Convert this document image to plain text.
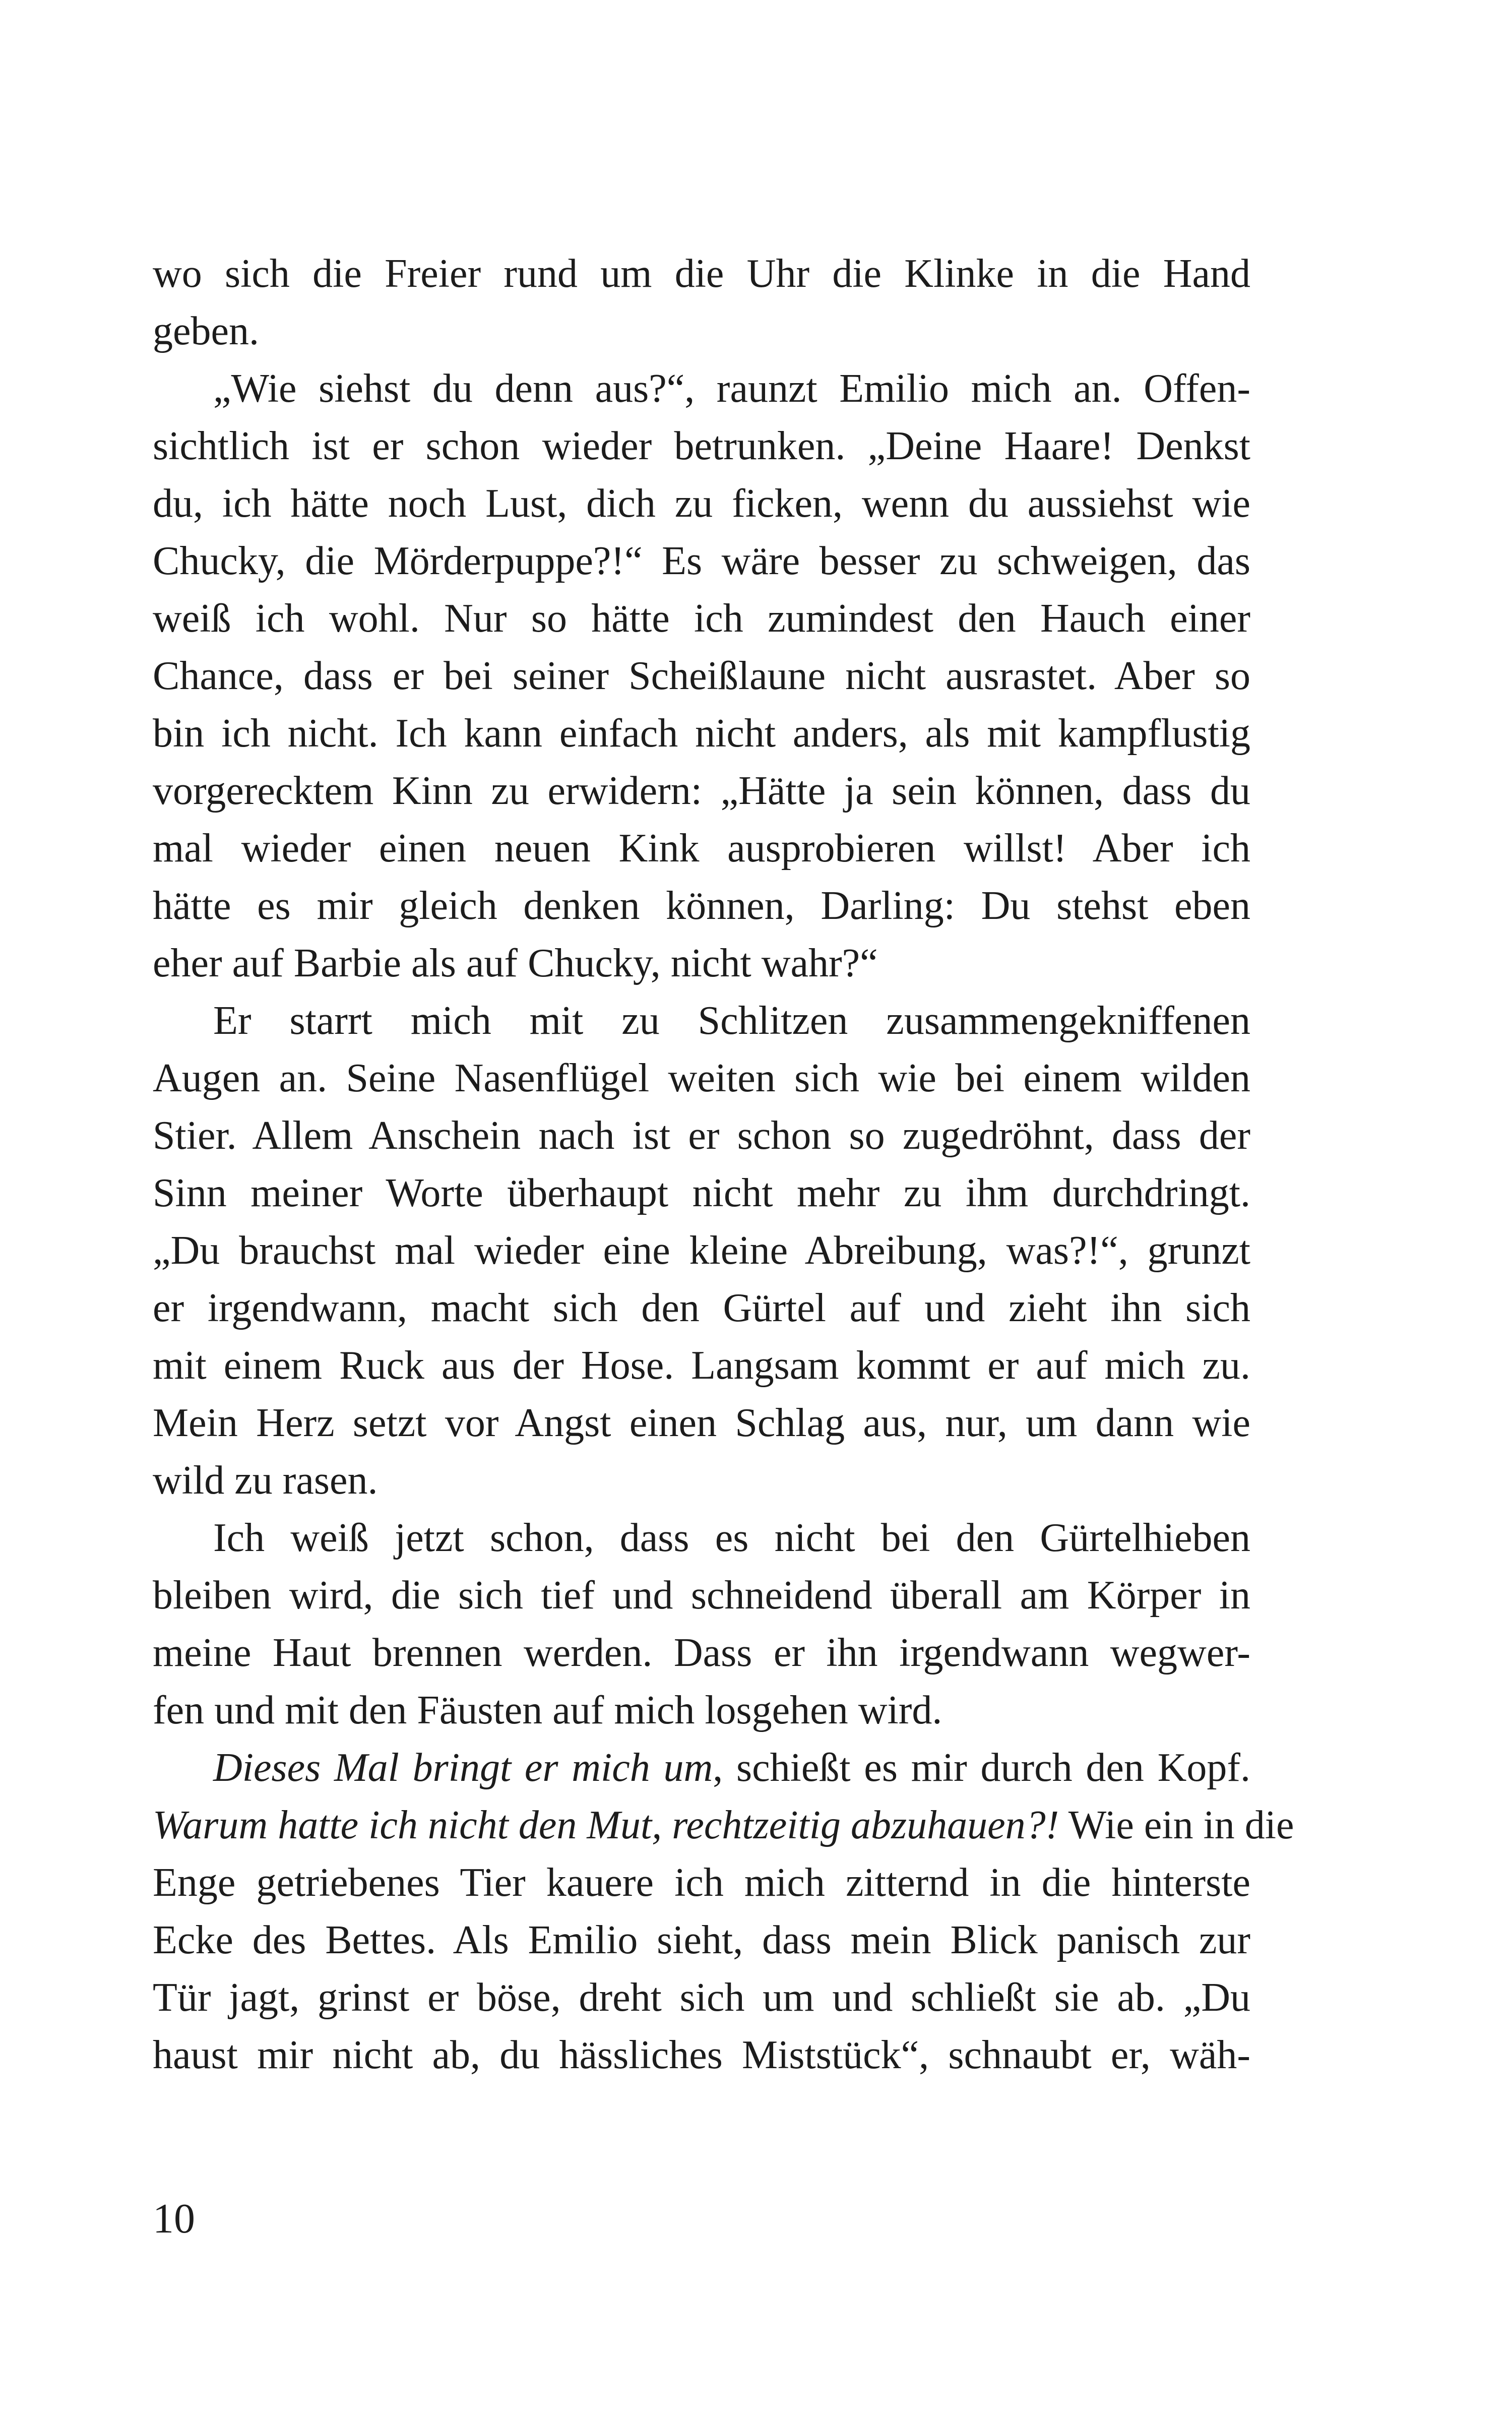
wo sich die Freier rund um die Uhr die Klinke in die Hand
geben.
„Wie siehst du denn aus?“, raunzt Emilio mich an. Offen-
sichtlich ist er schon wieder betrunken. „Deine Haare! Denkst
du, ich hätte noch Lust, dich zu ficken, wenn du aussiehst wie
Chucky, die Mörderpuppe?!“ Es wäre besser zu schweigen, das
weiß ich wohl. Nur so hätte ich zumindest den Hauch einer
Chance, dass er bei seiner Scheißlaune nicht ausrastet. Aber so
bin ich nicht. Ich kann einfach nicht anders, als mit kampflustig
vorgerecktem Kinn zu erwidern: „Hätte ja sein können, dass du
mal wieder einen neuen Kink ausprobieren willst! Aber ich
hätte es mir gleich denken können, Darling: Du stehst eben
eher auf Barbie als auf Chucky, nicht wahr?“
Er starrt mich mit zu Schlitzen zusammengekniffenen
Augen an. Seine Nasenflügel weiten sich wie bei einem wilden
Stier. Allem Anschein nach ist er schon so zugedröhnt, dass der
Sinn meiner Worte überhaupt nicht mehr zu ihm durchdringt.
„Du brauchst mal wieder eine kleine Abreibung, was?!“, grunzt
er irgendwann, macht sich den Gürtel auf und zieht ihn sich
mit einem Ruck aus der Hose. Langsam kommt er auf mich zu.
Mein Herz setzt vor Angst einen Schlag aus, nur, um dann wie
wild zu rasen.
Ich weiß jetzt schon, dass es nicht bei den Gürtelhieben
bleiben wird, die sich tief und schneidend überall am Körper in
meine Haut brennen werden. Dass er ihn irgendwann wegwer-
fen und mit den Fäusten auf mich losgehen wird.
Dieses Mal bringt er mich um, schießt es mir durch den Kopf.
Warum hatte ich nicht den Mut, rechtzeitig abzuhauen?! Wie ein in die
Enge getriebenes Tier kauere ich mich zitternd in die hinterste
Ecke des Bettes. Als Emilio sieht, dass mein Blick panisch zur
Tür jagt, grinst er böse, dreht sich um und schließt sie ab. „Du
haust mir nicht ab, du hässliches Miststück“, schnaubt er, wäh-
10
